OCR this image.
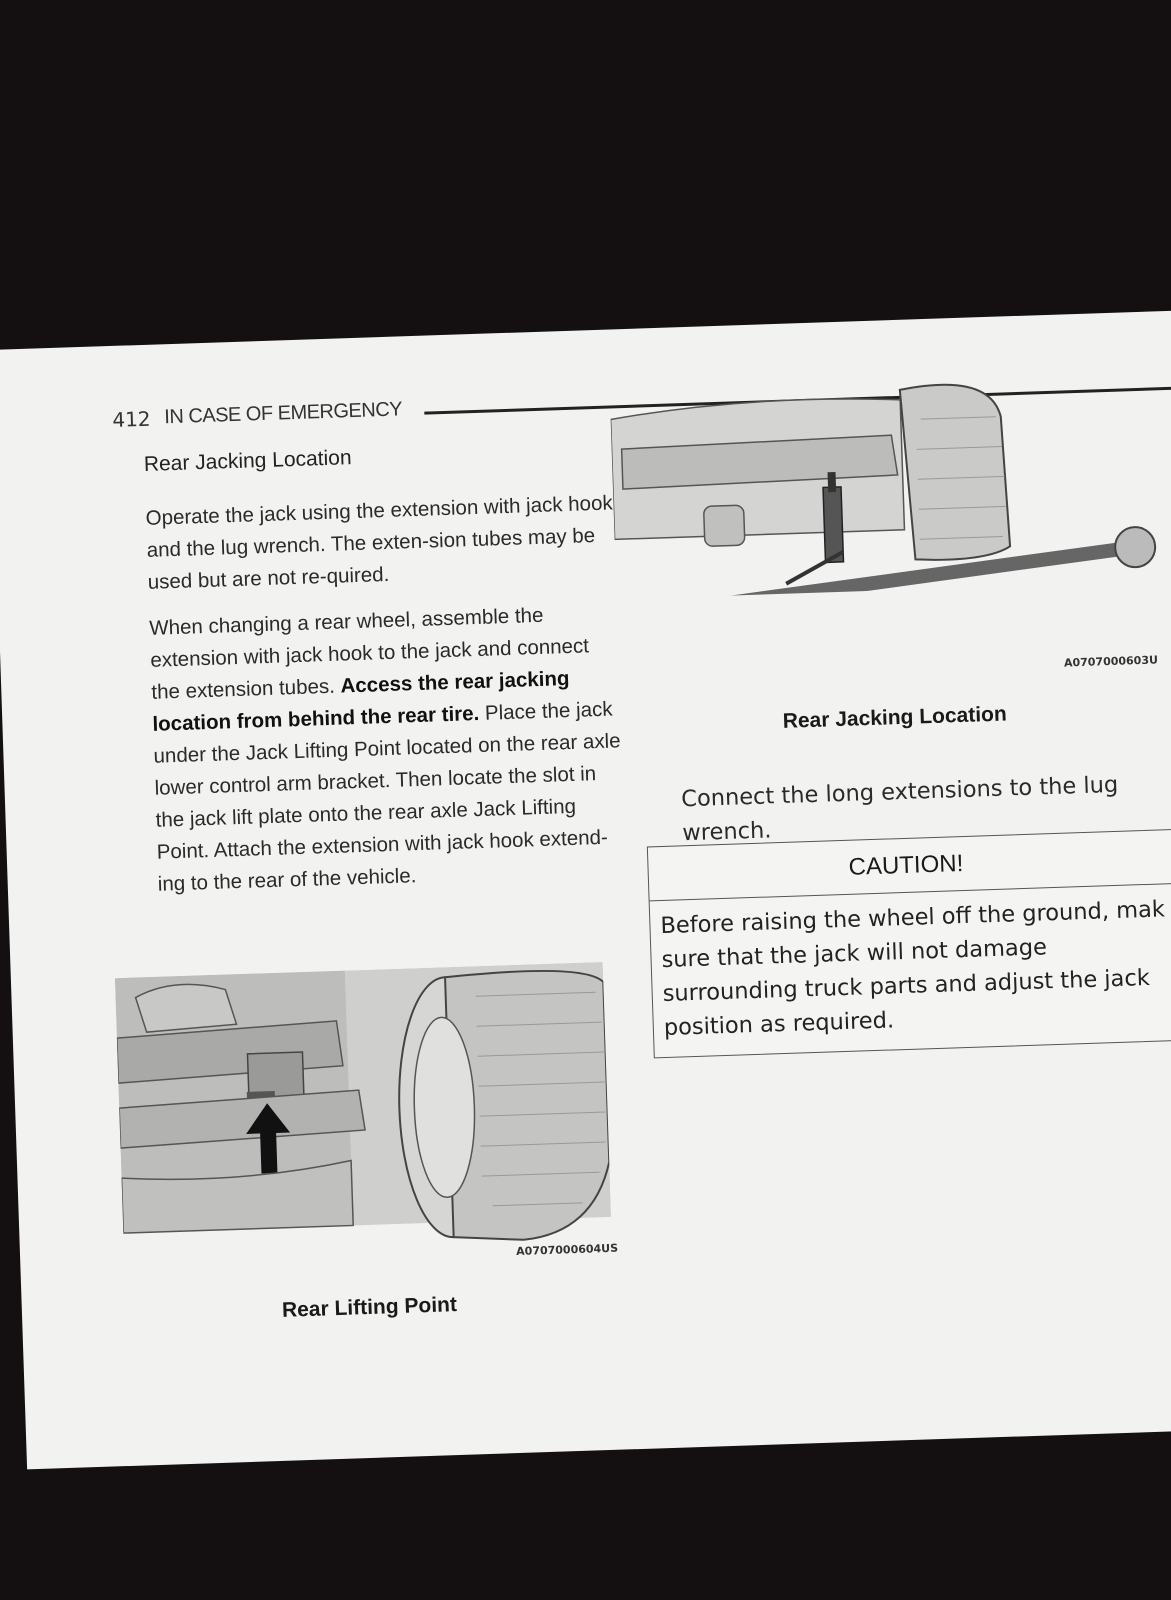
412 IN CASE OF EMERGENCY

Rear Jacking Location

Operate the jack using the extension with jack hook and the lug wrench. The exten-sion tubes may be used but are not re-quired.

When changing a rear wheel, assemble the extension with jack hook to the jack and connect the extension tubes. Access the rear jacking location from behind the rear tire. Place the jack under the Jack Lifting Point located on the rear axle lower control arm bracket. Then locate the slot in the jack lift plate onto the rear axle Jack Lifting Point. Attach the extension with jack hook extend-ing to the rear of the vehicle.

A0707000604US
Rear Lifting Point
A0707000603U
Rear Jacking Location

Connect the long extensions to the lug wrench.

CAUTION!
Before raising the wheel off the ground, mak
sure that the jack will not damage
surrounding truck parts and adjust the jack
position as required.
